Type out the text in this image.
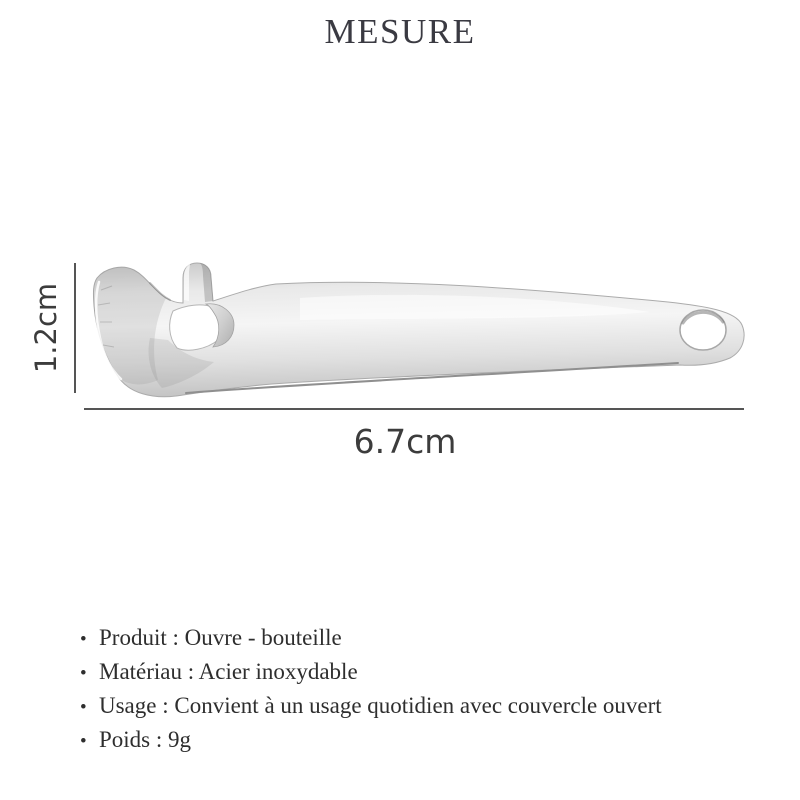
MESURE
1.2cm
6.7cm
• Produit : Ouvre - bouteille
• Matériau : Acier inoxydable
• Usage : Convient à un usage quotidien avec couvercle ouvert
• Poids : 9g
